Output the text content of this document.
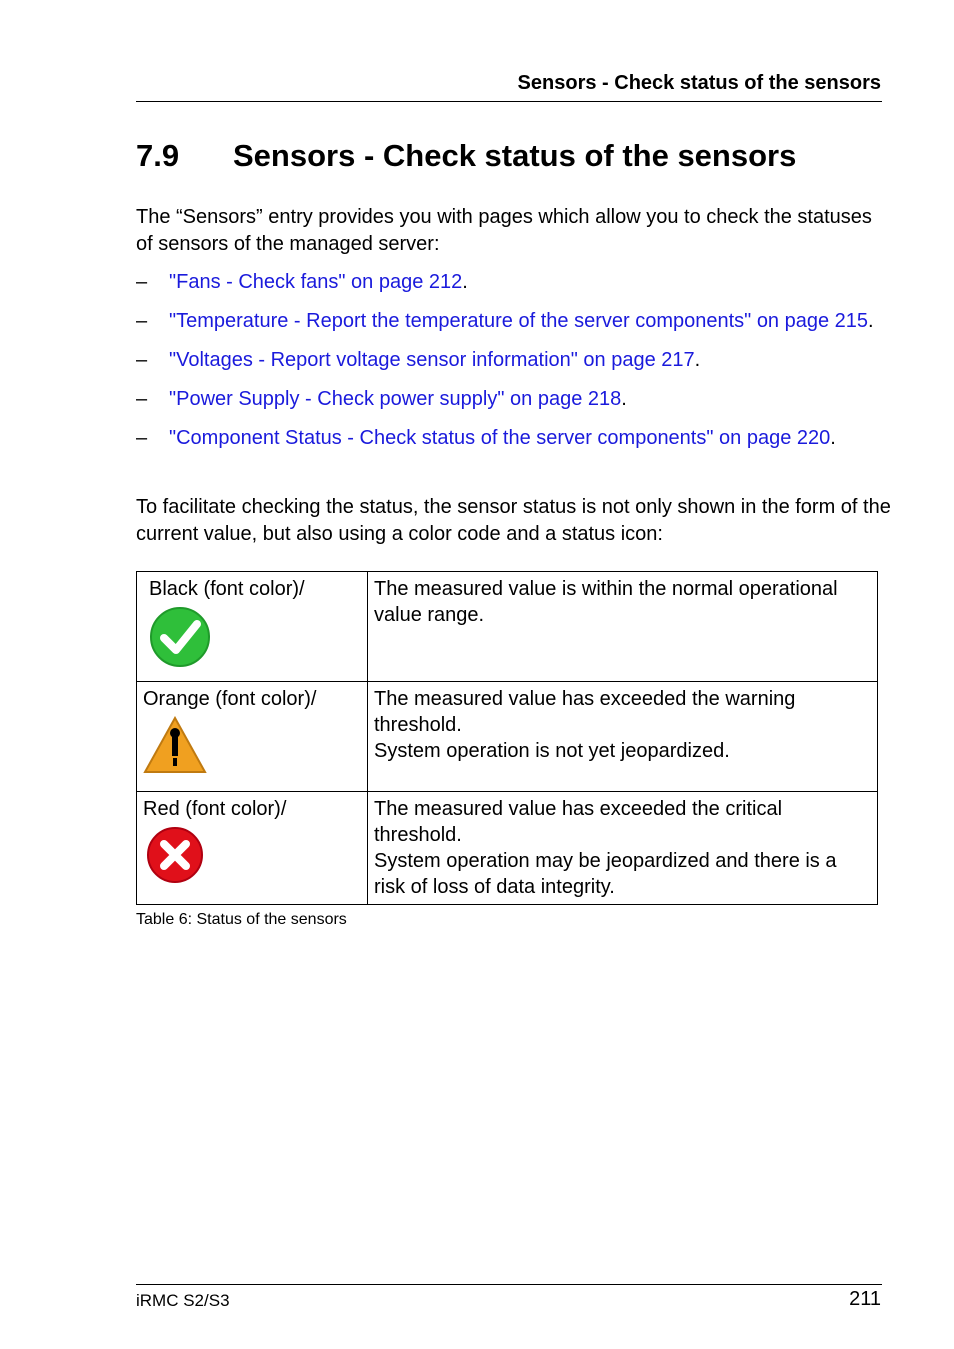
Sensors - Check status of the sensors
7.9 Sensors - Check status of the sensors

The “Sensors” entry provides you with pages which allow you to check the statuses of sensors of the managed server:

– "Fans - Check fans" on page 212.
– "Temperature - Report the temperature of the server components" on page 215.
– "Voltages - Report voltage sensor information" on page 217.
– "Power Supply - Check power supply" on page 218.
– "Component Status - Check status of the server components" on page 220.

To facilitate checking the status, the sensor status is not only shown in the form of the current value, but also using a color code and a status icon:

Black (font color)/	The measured value is within the normal operational value range.

Orange (font color)/	The measured value has exceeded the warning threshold.
System operation is not yet jeopardized.

Red (font color)/	The measured value has exceeded the critical threshold.
System operation may be jeopardized and there is a risk of loss of data integrity.
Table 6: Status of the sensors
iRMC S2/S3	211
